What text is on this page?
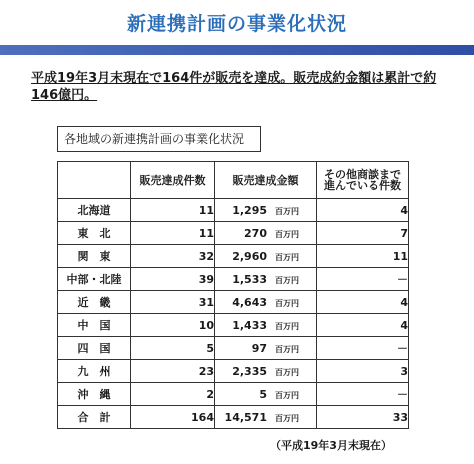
新連携計画の事業化状況
平成19年3月末現在で164件が販売を達成。販売成約金額は累計で約146億円。
各地域の新連携計画の事業化状況
	販売達成件数	販売達成金額	その他商談まで
進んでいる件数
北海道	11	1,295 百万円	4
東　北	11	270 百万円	7
関　東	32	2,960 百万円	11
中部・北陸	39	1,533 百万円	－
近　畿	31	4,643 百万円	4
中　国	10	1,433 百万円	4
四　国	5	97 百万円	－
九　州	23	2,335 百万円	3
沖　縄	2	5 百万円	－
合　計	164	14,571 百万円	33
（平成19年3月末現在）
